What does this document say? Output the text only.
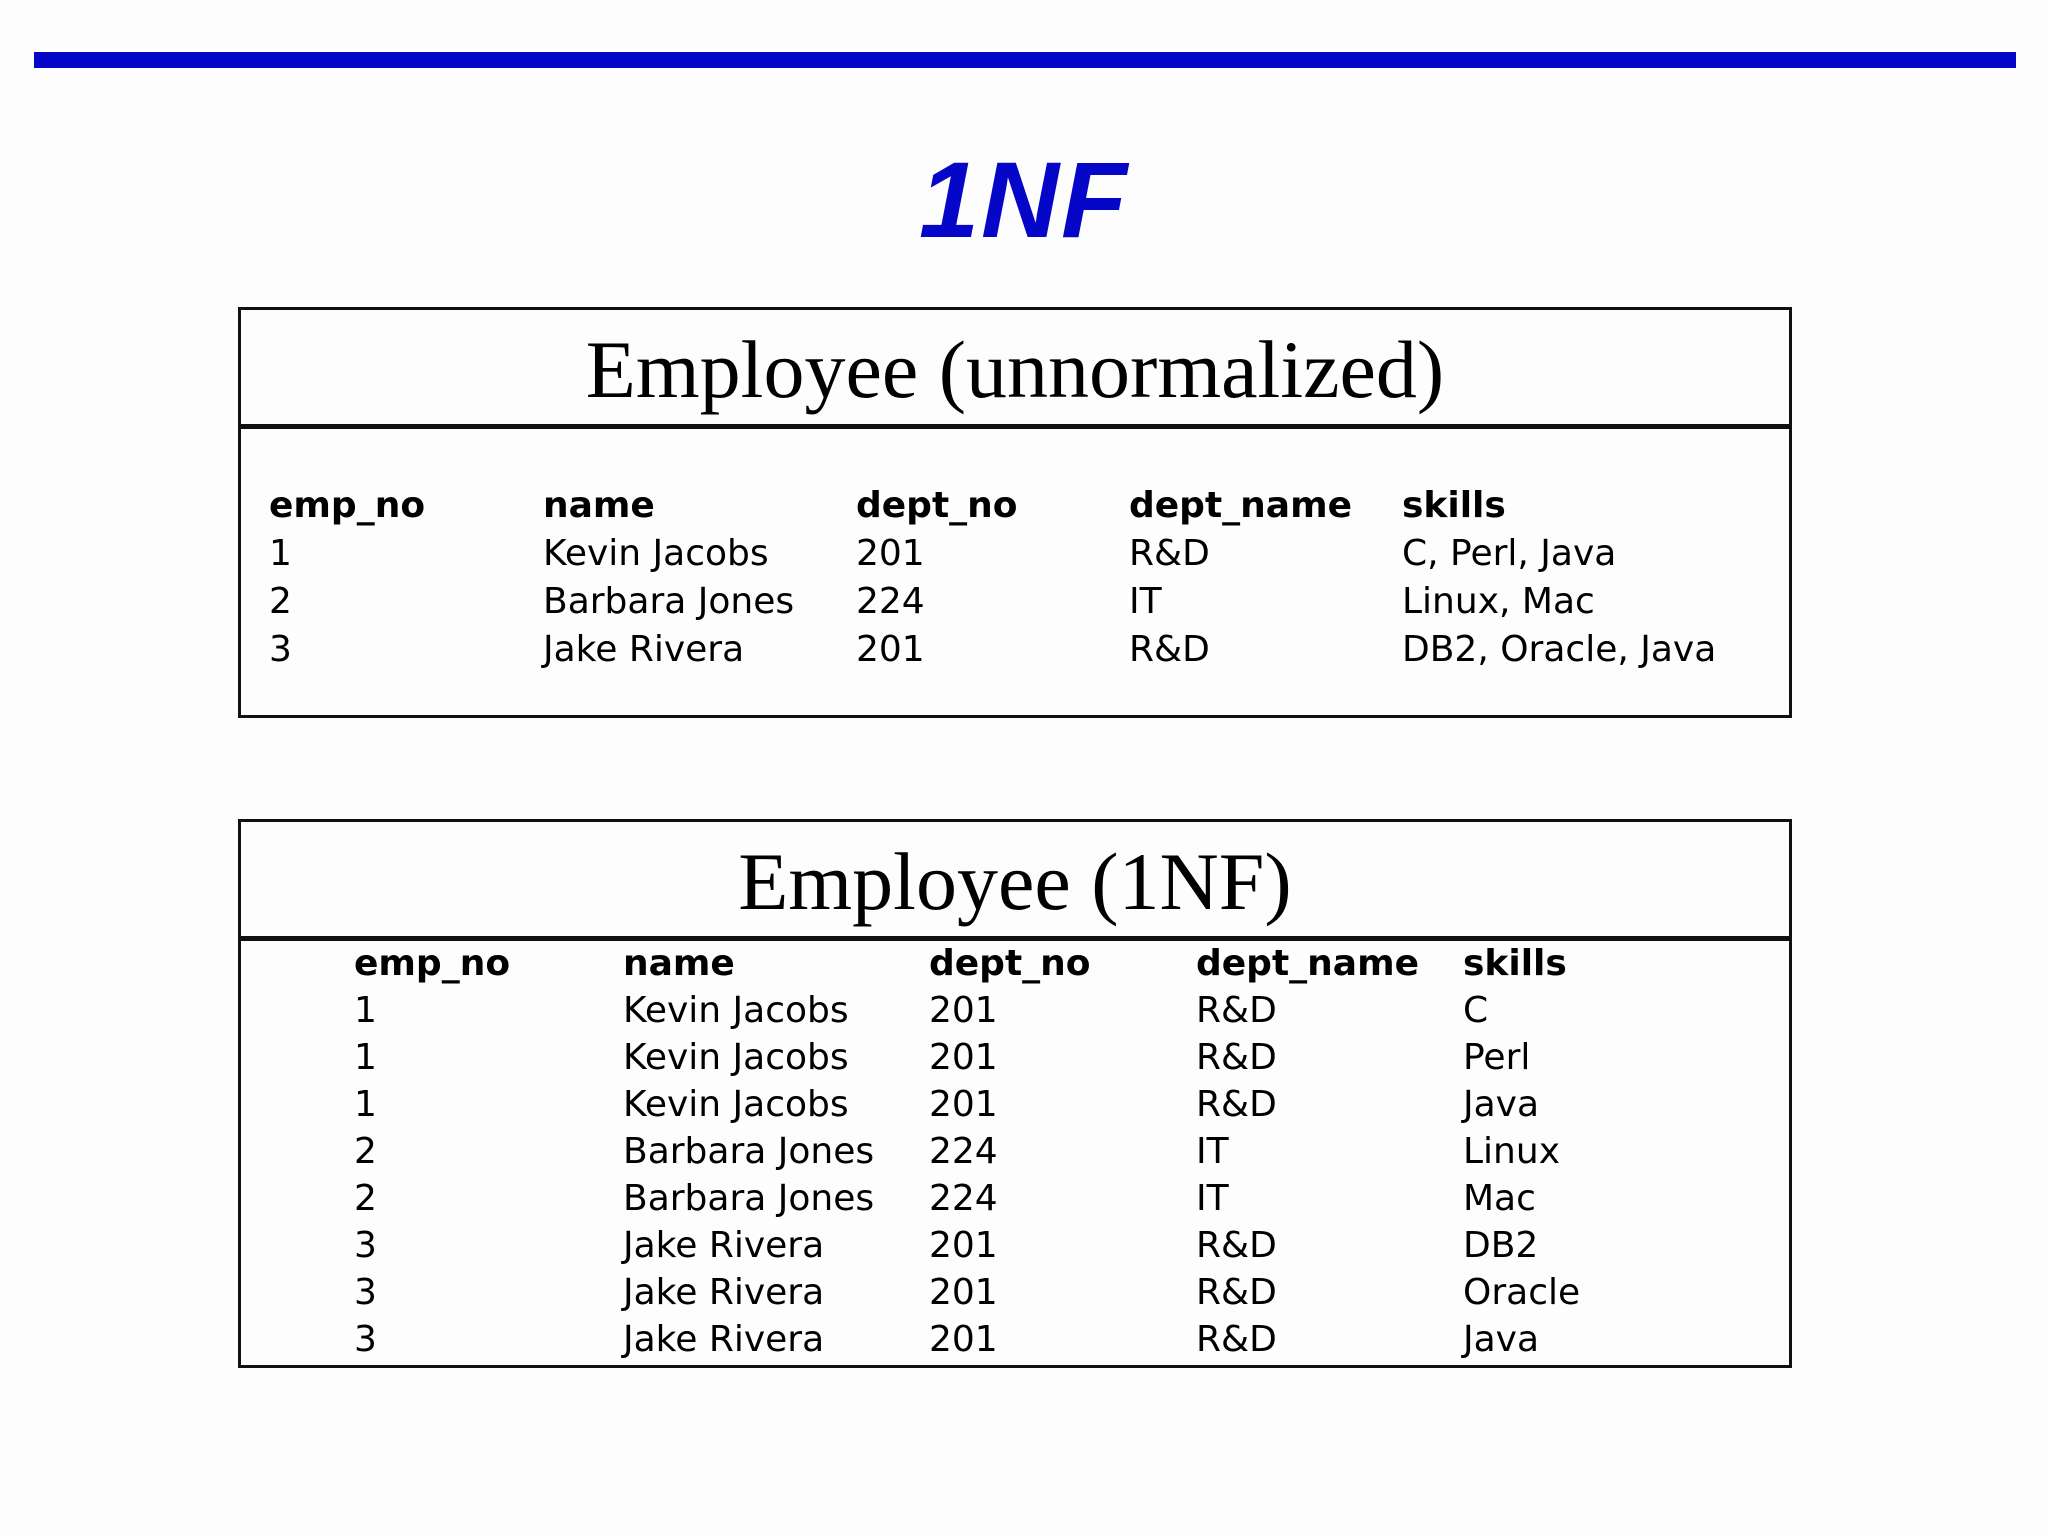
1NF
Employee (unnormalized)
emp_no	name	dept_no	dept_name skills
1	Kevin Jacobs 201	R&D	C, Perl, Java
2	Barbara Jones 224	IT	Linux, Mac
3	Jake Rivera	201	R&D	DB2, Oracle, Java
Employee (1NF)
emp_no	name	dept_no	dept_name skills
1	Kevin Jacobs 201	R&D	C
1	Kevin Jacobs 201	R&D	Perl
1	Kevin Jacobs 201	R&D	Java
2	Barbara Jones 224	IT	Linux
2	Barbara Jones 224	IT	Mac
3	Jake Rivera	201	R&D	DB2
3	Jake Rivera	201	R&D	Oracle
3	Jake Rivera	201	R&D	Java
